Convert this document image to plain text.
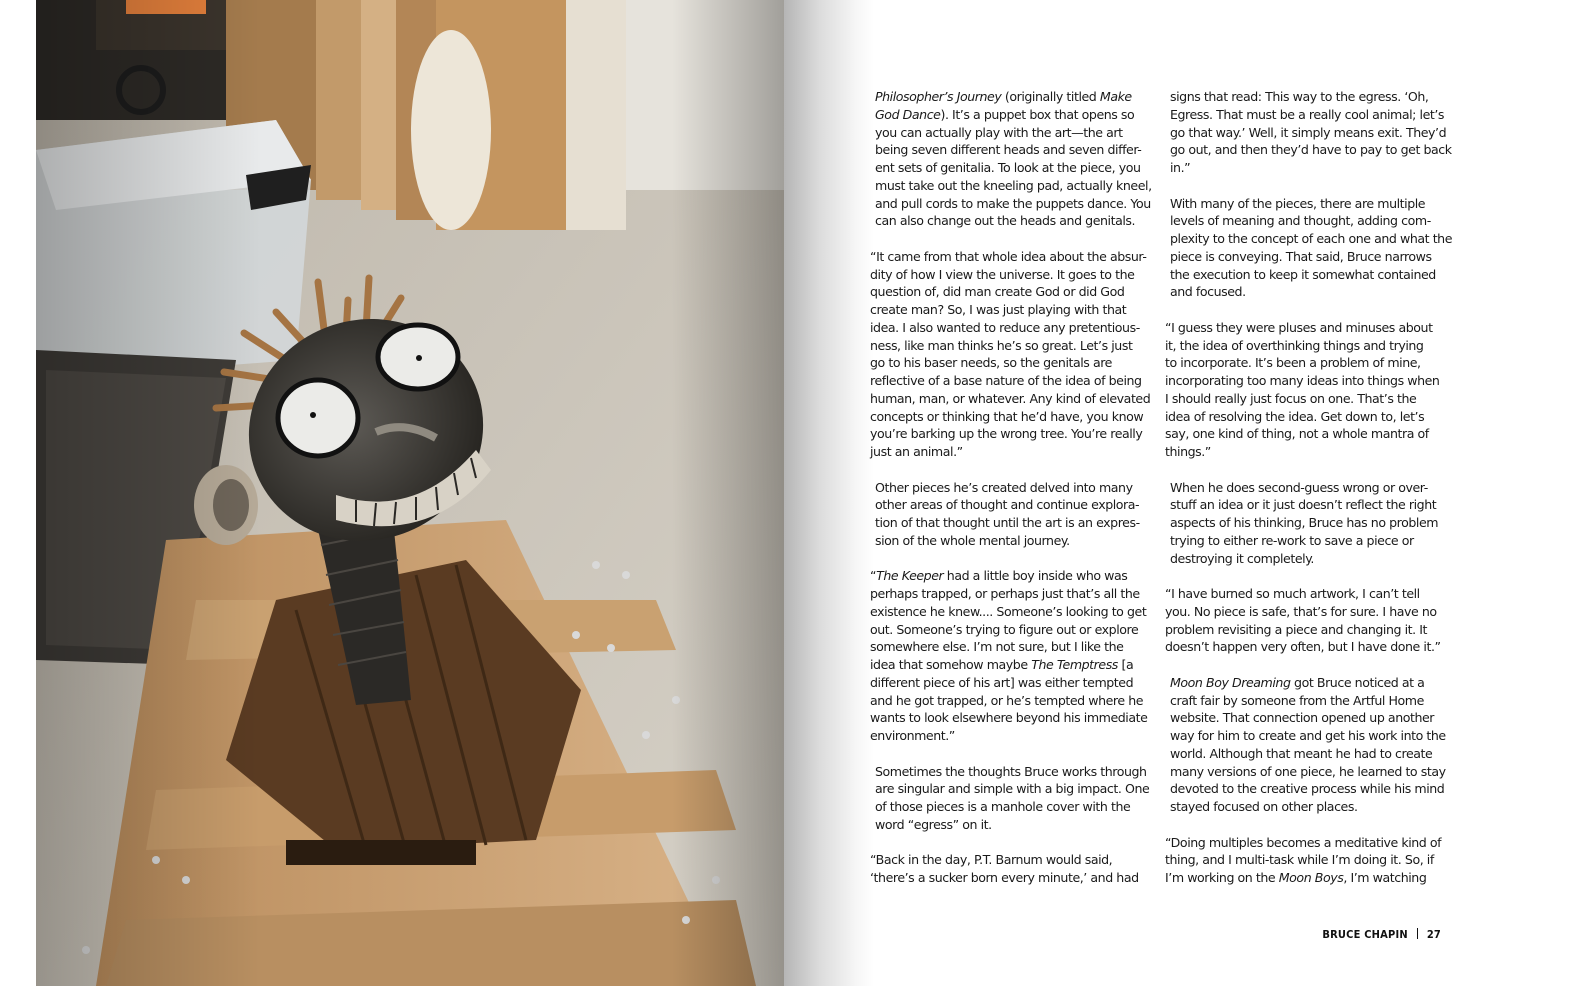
Philosopher’s Journey (originally titled Make
God Dance). It’s a puppet box that opens so
you can actually play with the art—the art
being seven different heads and seven differ-
ent sets of genitalia. To look at the piece, you
must take out the kneeling pad, actually kneel,
and pull cords to make the puppets dance. You
can also change out the heads and genitals.

“It came from that whole idea about the absur-
dity of how I view the universe. It goes to the
question of, did man create God or did God
create man? So, I was just playing with that
idea. I also wanted to reduce any pretentious-
ness, like man thinks he’s so great. Let’s just
go to his baser needs, so the genitals are
reflective of a base nature of the idea of being
human, man, or whatever. Any kind of elevated
concepts or thinking that he’d have, you know
you’re barking up the wrong tree. You’re really
just an animal.”

Other pieces he’s created delved into many
other areas of thought and continue explora-
tion of that thought until the art is an expres-
sion of the whole mental journey.

“The Keeper had a little boy inside who was
perhaps trapped, or perhaps just that’s all the
existence he knew.... Someone’s looking to get
out. Someone’s trying to figure out or explore
somewhere else. I’m not sure, but I like the
idea that somehow maybe The Temptress [a
different piece of his art] was either tempted
and he got trapped, or he’s tempted where he
wants to look elsewhere beyond his immediate
environment.”

Sometimes the thoughts Bruce works through
are singular and simple with a big impact. One
of those pieces is a manhole cover with the
word “egress” on it.

“Back in the day, P.T. Barnum would said,
‘there’s a sucker born every minute,’ and had

signs that read: This way to the egress. ‘Oh,
Egress. That must be a really cool animal; let’s
go that way.’ Well, it simply means exit. They’d
go out, and then they’d have to pay to get back
in.”

With many of the pieces, there are multiple
levels of meaning and thought, adding com-
plexity to the concept of each one and what the
piece is conveying. That said, Bruce narrows
the execution to keep it somewhat contained
and focused.

“I guess they were pluses and minuses about
it, the idea of overthinking things and trying
to incorporate. It’s been a problem of mine,
incorporating too many ideas into things when
I should really just focus on one. That’s the
idea of resolving the idea. Get down to, let’s
say, one kind of thing, not a whole mantra of
things.”

When he does second-guess wrong or over-
stuff an idea or it just doesn’t reflect the right
aspects of his thinking, Bruce has no problem
trying to either re-work to save a piece or
destroying it completely.

“I have burned so much artwork, I can’t tell
you. No piece is safe, that’s for sure. I have no
problem revisiting a piece and changing it. It
doesn’t happen very often, but I have done it.”

Moon Boy Dreaming got Bruce noticed at a
craft fair by someone from the Artful Home
website. That connection opened up another
way for him to create and get his work into the
world. Although that meant he had to create
many versions of one piece, he learned to stay
devoted to the creative process while his mind
stayed focused on other places.

“Doing multiples becomes a meditative kind of
thing, and I multi-task while I’m doing it. So, if
I’m working on the Moon Boys, I’m watching

BRUCE CHAPIN 27
